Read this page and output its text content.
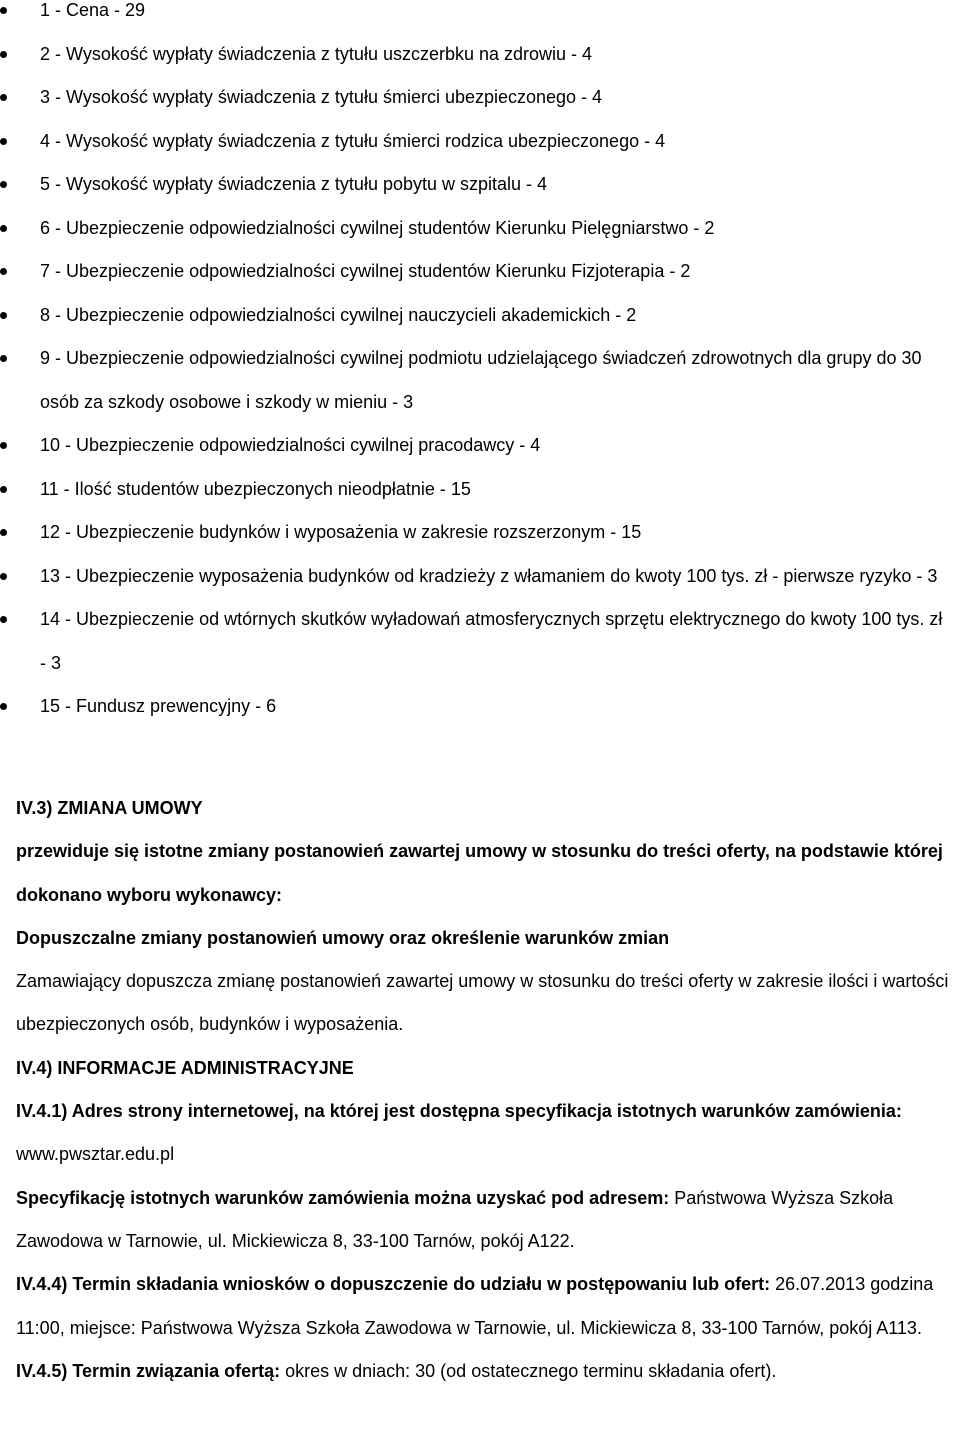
1 - Cena - 29
2 - Wysokość wypłaty świadczenia z tytułu uszczerbku na zdrowiu - 4
3 - Wysokość wypłaty świadczenia z tytułu śmierci ubezpieczonego - 4
4 - Wysokość wypłaty świadczenia z tytułu śmierci rodzica ubezpieczonego - 4
5 - Wysokość wypłaty świadczenia z tytułu pobytu w szpitalu - 4
6 - Ubezpieczenie odpowiedzialności cywilnej studentów Kierunku Pielęgniarstwo - 2
7 - Ubezpieczenie odpowiedzialności cywilnej studentów Kierunku Fizjoterapia - 2
8 - Ubezpieczenie odpowiedzialności cywilnej nauczycieli akademickich - 2
9 - Ubezpieczenie odpowiedzialności cywilnej podmiotu udzielającego świadczeń zdrowotnych dla grupy do 30 osób za szkody osobowe i szkody w mieniu - 3
10 - Ubezpieczenie odpowiedzialności cywilnej pracodawcy - 4
11 - Ilość studentów ubezpieczonych nieodpłatnie - 15
12 - Ubezpieczenie budynków i wyposażenia w zakresie rozszerzonym - 15
13 - Ubezpieczenie wyposażenia budynków od kradzieży z włamaniem do kwoty 100 tys. zł - pierwsze ryzyko - 3
14 - Ubezpieczenie od wtórnych skutków wyładowań atmosferycznych sprzętu elektrycznego do kwoty 100 tys. zł - 3
15 - Fundusz prewencyjny - 6

IV.3) ZMIANA UMOWY

przewiduje się istotne zmiany postanowień zawartej umowy w stosunku do treści oferty, na podstawie której dokonano wyboru wykonawcy:

Dopuszczalne zmiany postanowień umowy oraz określenie warunków zmian

Zamawiający dopuszcza zmianę postanowień zawartej umowy w stosunku do treści oferty w zakresie ilości i wartości ubezpieczonych osób, budynków i wyposażenia.

IV.4) INFORMACJE ADMINISTRACYJNE

IV.4.1) Adres strony internetowej, na której jest dostępna specyfikacja istotnych warunków zamówienia: www.pwsztar.edu.pl

Specyfikację istotnych warunków zamówienia można uzyskać pod adresem: Państwowa Wyższa Szkoła Zawodowa w Tarnowie, ul. Mickiewicza 8, 33-100 Tarnów, pokój A122.

IV.4.4) Termin składania wniosków o dopuszczenie do udziału w postępowaniu lub ofert: 26.07.2013 godzina 11:00, miejsce: Państwowa Wyższa Szkoła Zawodowa w Tarnowie, ul. Mickiewicza 8, 33-100 Tarnów, pokój A113.

IV.4.5) Termin związania ofertą: okres w dniach: 30 (od ostatecznego terminu składania ofert).
